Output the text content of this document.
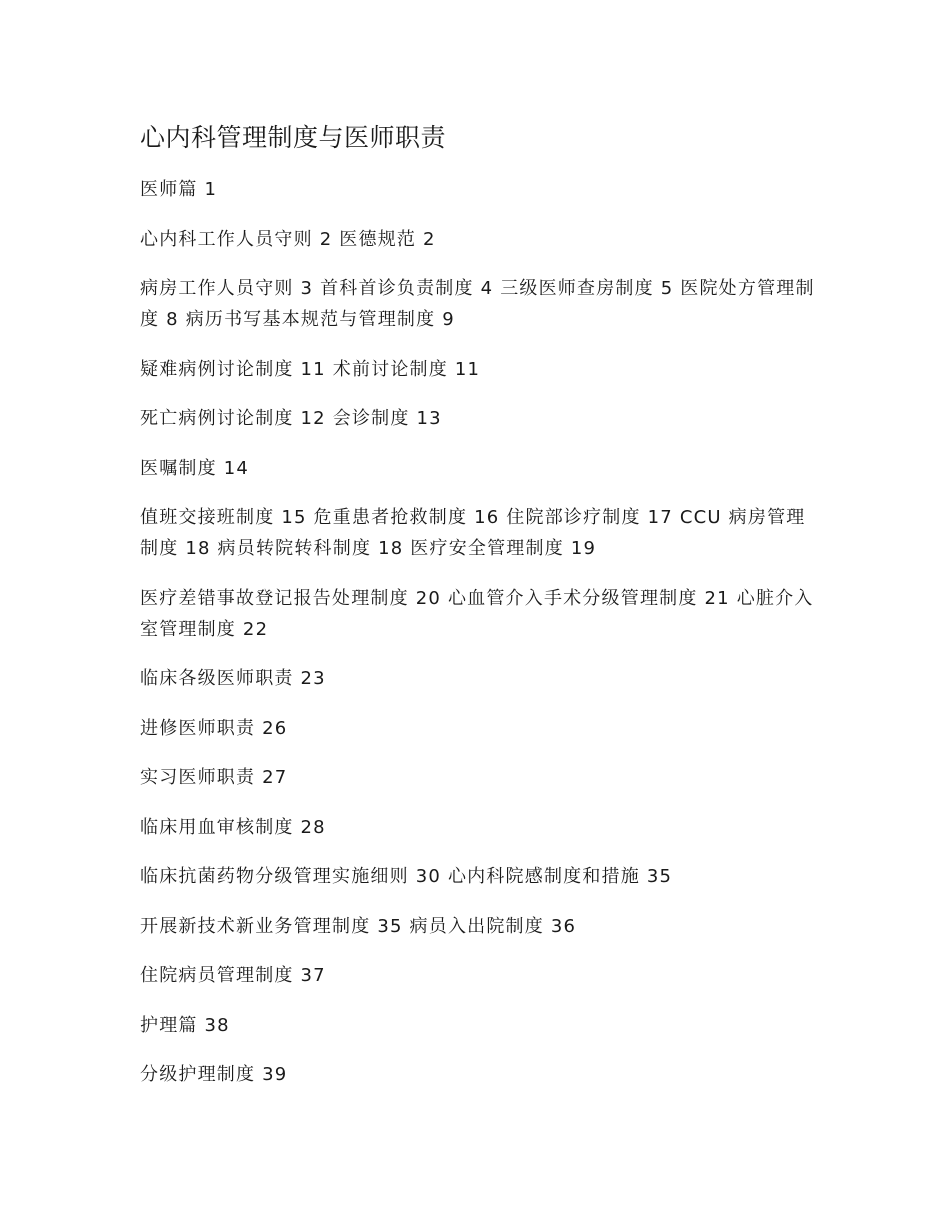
心内科管理制度与医师职责
医师篇 1
心内科工作人员守则 2 医德规范 2
病房工作人员守则 3 首科首诊负责制度 4 三级医师查房制度 5 医院处方管理制度 8 病历书写基本规范与管理制度 9
疑难病例讨论制度 11 术前讨论制度 11
死亡病例讨论制度 12 会诊制度 13
医嘱制度 14
值班交接班制度 15 危重患者抢救制度 16 住院部诊疗制度 17 CCU 病房管理制度 18 病员转院转科制度 18 医疗安全管理制度 19
医疗差错事故登记报告处理制度 20 心血管介入手术分级管理制度 21 心脏介入室管理制度 22
临床各级医师职责 23
进修医师职责 26
实习医师职责 27
临床用血审核制度 28
临床抗菌药物分级管理实施细则 30 心内科院感制度和措施 35
开展新技术新业务管理制度 35 病员入出院制度 36
住院病员管理制度 37
护理篇 38
分级护理制度 39
